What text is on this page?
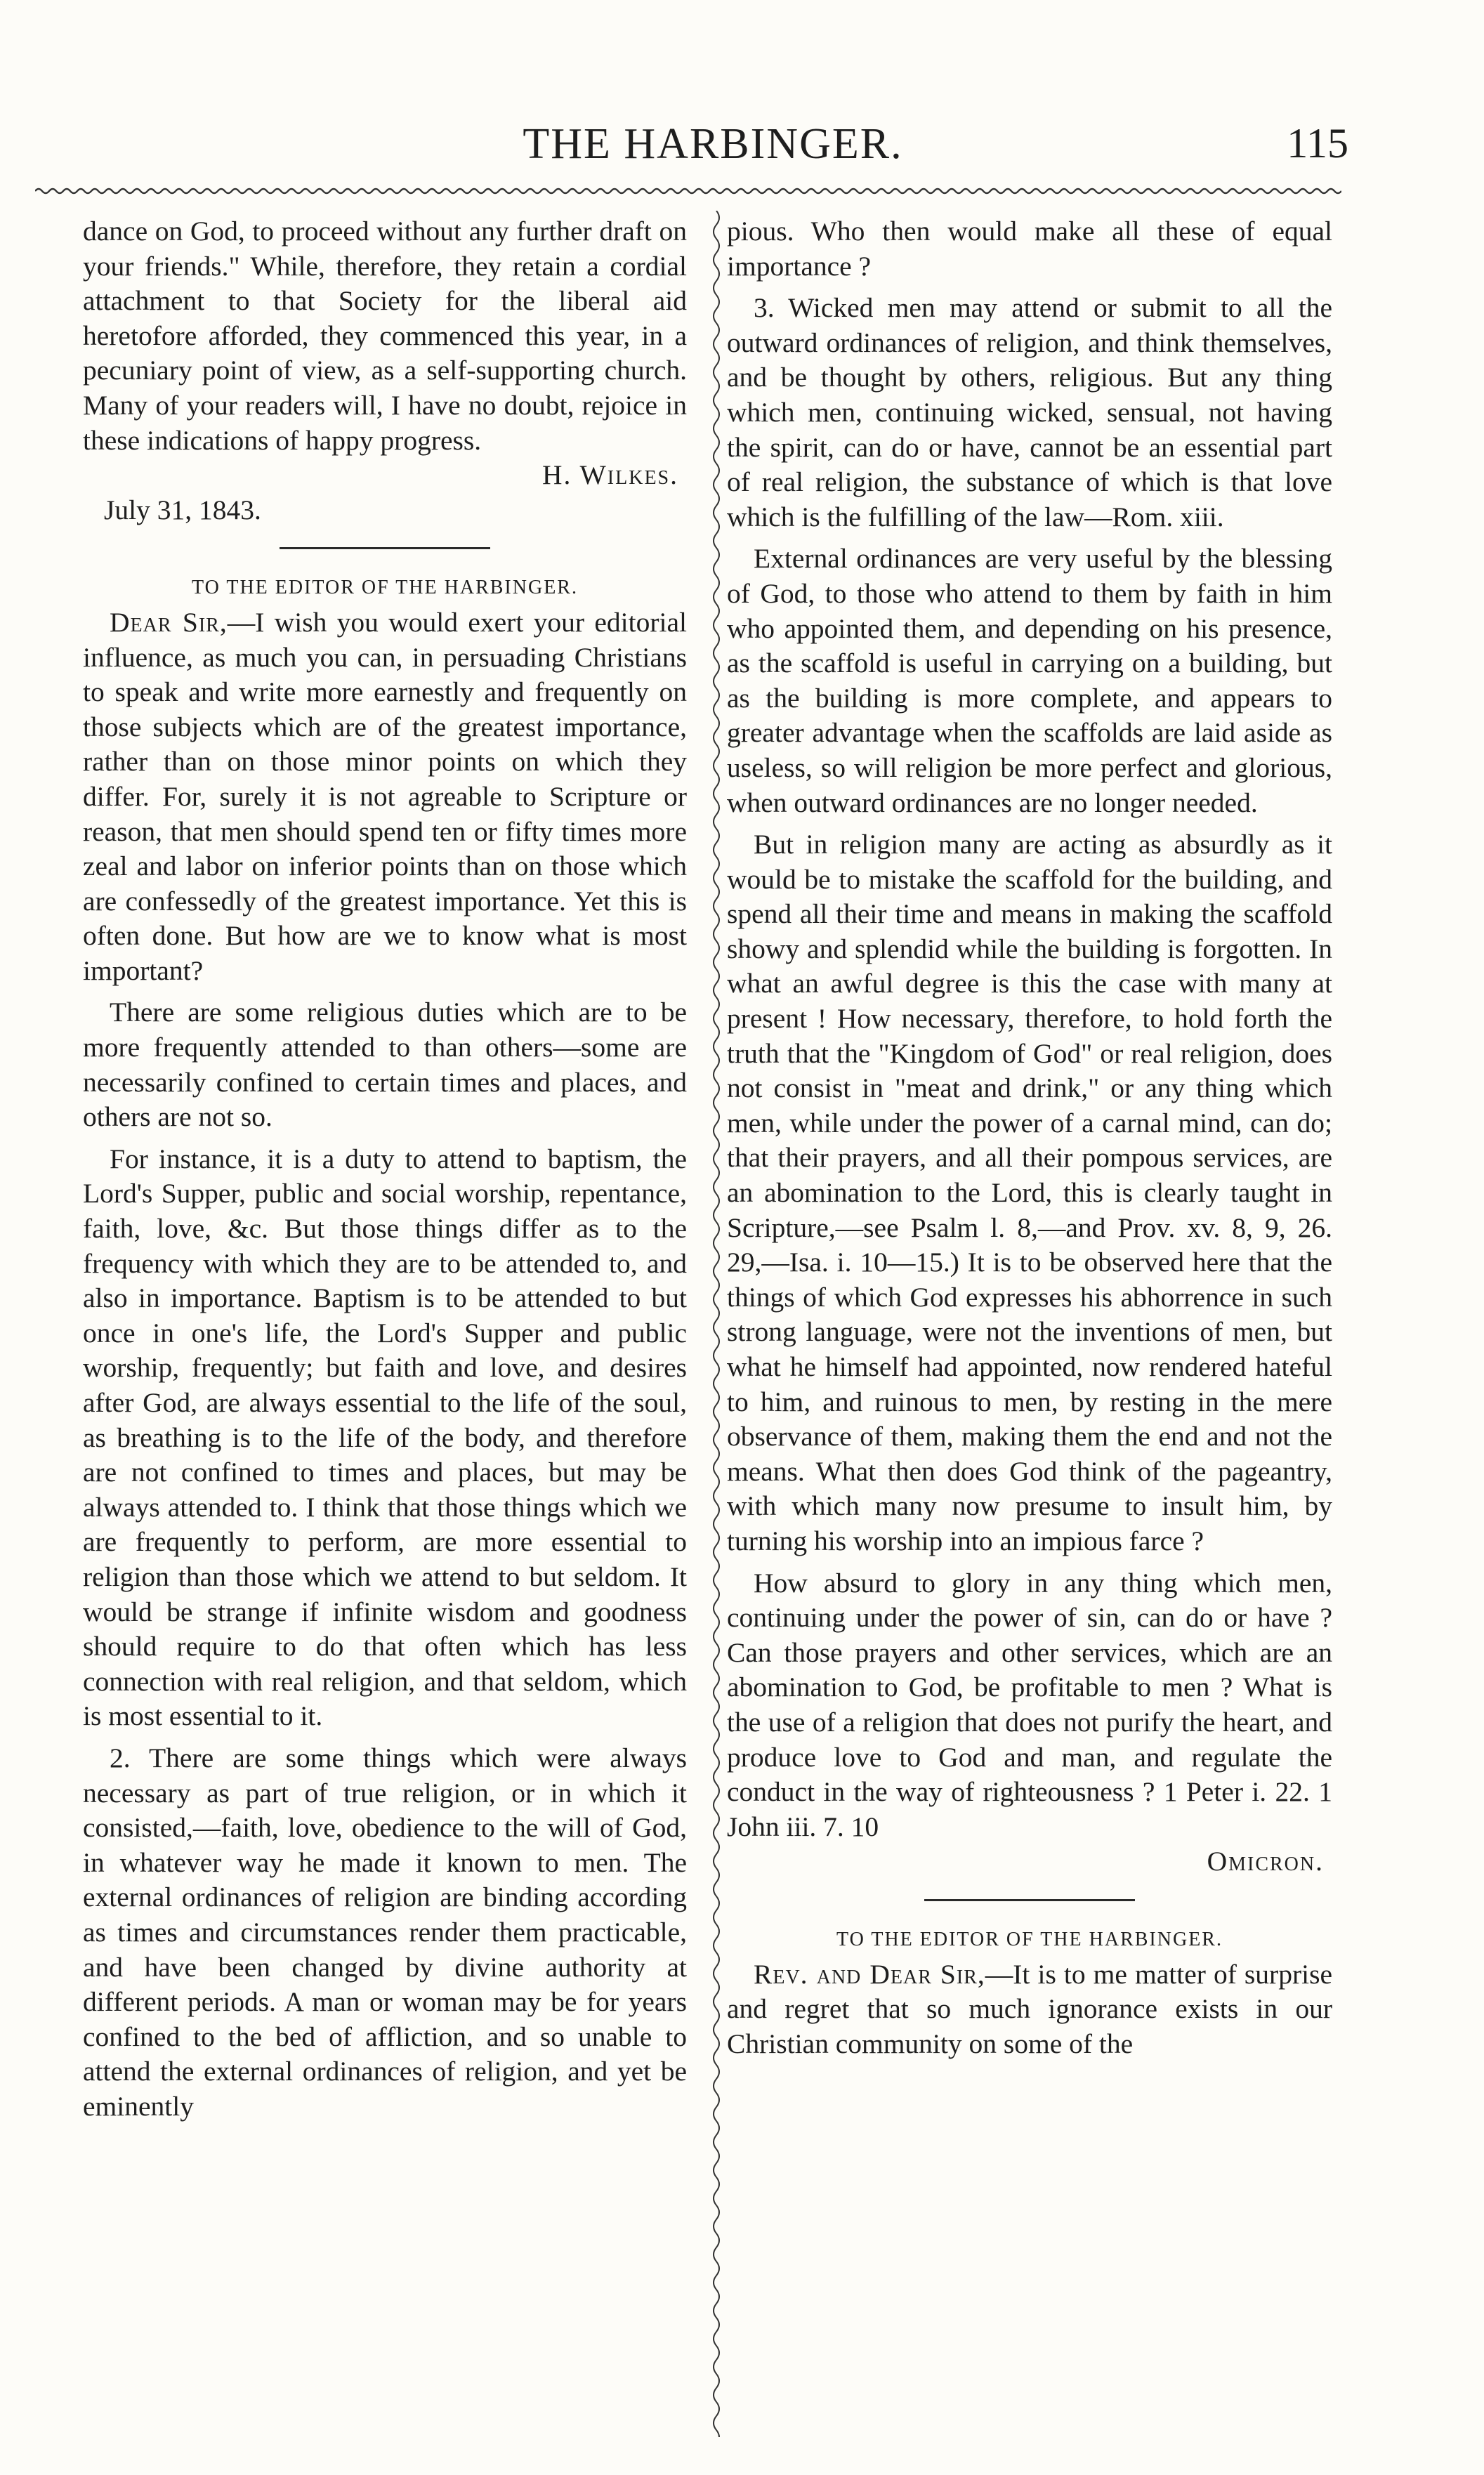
THE HARBINGER.	115

dance on God, to proceed without any further draft on your friends." While, therefore, they retain a cordial attachment to that Society for the liberal aid heretofore afforded, they commenced this year, in a pecuniary point of view, as a self-supporting church. Many of your readers will, I have no doubt, rejoice in these indications of happy progress.

H. Wilkes.

July 31, 1843.

TO THE EDITOR OF THE HARBINGER.

Dear Sir,—I wish you would exert your editorial influence, as much you can, in persuading Christians to speak and write more earnestly and frequently on those subjects which are of the greatest importance, rather than on those minor points on which they differ. For, surely it is not agreable to Scripture or reason, that men should spend ten or fifty times more zeal and labor on inferior points than on those which are confessedly of the greatest importance. Yet this is often done. But how are we to know what is most important?

There are some religious duties which are to be more frequently attended to than others—some are necessarily confined to certain times and places, and others are not so.

For instance, it is a duty to attend to baptism, the Lord's Supper, public and social worship, repentance, faith, love, &c. But those things differ as to the frequency with which they are to be attended to, and also in importance. Baptism is to be attended to but once in one's life, the Lord's Supper and public worship, frequently; but faith and love, and desires after God, are always essential to the life of the soul, as breathing is to the life of the body, and therefore are not confined to times and places, but may be always attended to. I think that those things which we are frequently to perform, are more essential to religion than those which we attend to but seldom. It would be strange if infinite wisdom and goodness should require to do that often which has less connection with real religion, and that seldom, which is most essential to it.

2. There are some things which were always necessary as part of true religion, or in which it consisted,—faith, love, obedience to the will of God, in whatever way he made it known to men. The external ordinances of religion are binding according as times and circumstances render them practicable, and have been changed by divine authority at different periods. A man or woman may be for years confined to the bed of affliction, and so unable to attend the external ordinances of religion, and yet be eminently

pious. Who then would make all these of equal importance ?

3. Wicked men may attend or submit to all the outward ordinances of religion, and think themselves, and be thought by others, religious. But any thing which men, continuing wicked, sensual, not having the spirit, can do or have, cannot be an essential part of real religion, the substance of which is that love which is the fulfilling of the law—Rom. xiii.

External ordinances are very useful by the blessing of God, to those who attend to them by faith in him who appointed them, and depending on his presence, as the scaffold is useful in carrying on a building, but as the building is more complete, and appears to greater advantage when the scaffolds are laid aside as useless, so will religion be more perfect and glorious, when outward ordinances are no longer needed.

But in religion many are acting as absurdly as it would be to mistake the scaffold for the building, and spend all their time and means in making the scaffold showy and splendid while the building is forgotten. In what an awful degree is this the case with many at present ! How necessary, therefore, to hold forth the truth that the "Kingdom of God" or real religion, does not consist in "meat and drink," or any thing which men, while under the power of a carnal mind, can do; that their prayers, and all their pompous services, are an abomination to the Lord, this is clearly taught in Scripture,—see Psalm l. 8,—and Prov. xv. 8, 9, 26. 29,—Isa. i. 10—15.) It is to be observed here that the things of which God expresses his abhorrence in such strong language, were not the inventions of men, but what he himself had appointed, now rendered hateful to him, and ruinous to men, by resting in the mere observance of them, making them the end and not the means. What then does God think of the pageantry, with which many now presume to insult him, by turning his worship into an impious farce ?

How absurd to glory in any thing which men, continuing under the power of sin, can do or have ? Can those prayers and other services, which are an abomination to God, be profitable to men ? What is the use of a religion that does not purify the heart, and produce love to God and man, and regulate the conduct in the way of righteousness ? 1 Peter i. 22. 1 John iii. 7. 10

Omicron.

TO THE EDITOR OF THE HARBINGER.

Rev. and Dear Sir,—It is to me matter of surprise and regret that so much ignorance exists in our Christian community on some of the
